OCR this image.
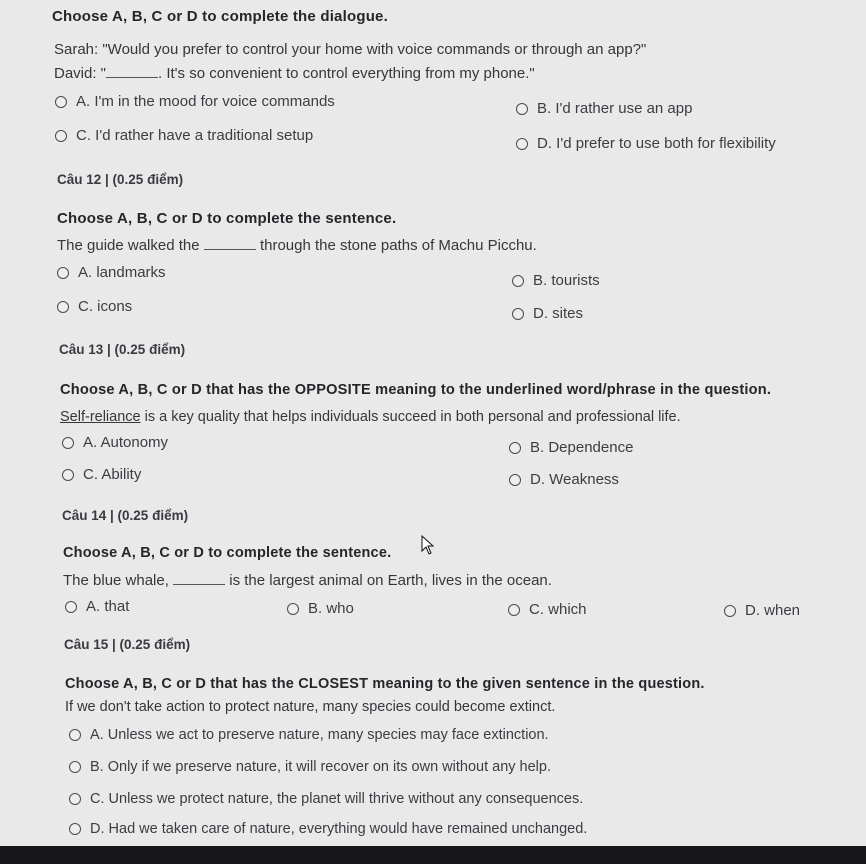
Choose A, B, C or D to complete the dialogue.
Sarah: "Would you prefer to control your home with voice commands or through an app?"
David: "	. It's so convenient to control everything from my phone."
A. I'm in the mood for voice commands	B. I'd rather use an app
C. I'd rather have a traditional setup	D. I'd prefer to use both for flexibility
Câu 12 | (0.25 điểm)
Choose A, B, C or D to complete the sentence.
The guide walked the	through the stone paths of Machu Picchu.
A. landmarks	B. tourists
C. icons	D. sites
Câu 13 | (0.25 điểm)
Choose A, B, C or D that has the OPPOSITE meaning to the underlined word/phrase in the question.
Self-reliance is a key quality that helps individuals succeed in both personal and professional life.
A. Autonomy	B. Dependence
C. Ability	D. Weakness
Câu 14 | (0.25 điểm)
Choose A, B, C or D to complete the sentence.
The blue whale,	is the largest animal on Earth, lives in the ocean.
A. that	B. who	C. which	D. when
Câu 15 | (0.25 điểm)
Choose A, B, C or D that has the CLOSEST meaning to the given sentence in the question.
If we don't take action to protect nature, many species could become extinct.
A. Unless we act to preserve nature, many species may face extinction.
B. Only if we preserve nature, it will recover on its own without any help.
C. Unless we protect nature, the planet will thrive without any consequences.
D. Had we taken care of nature, everything would have remained unchanged.
